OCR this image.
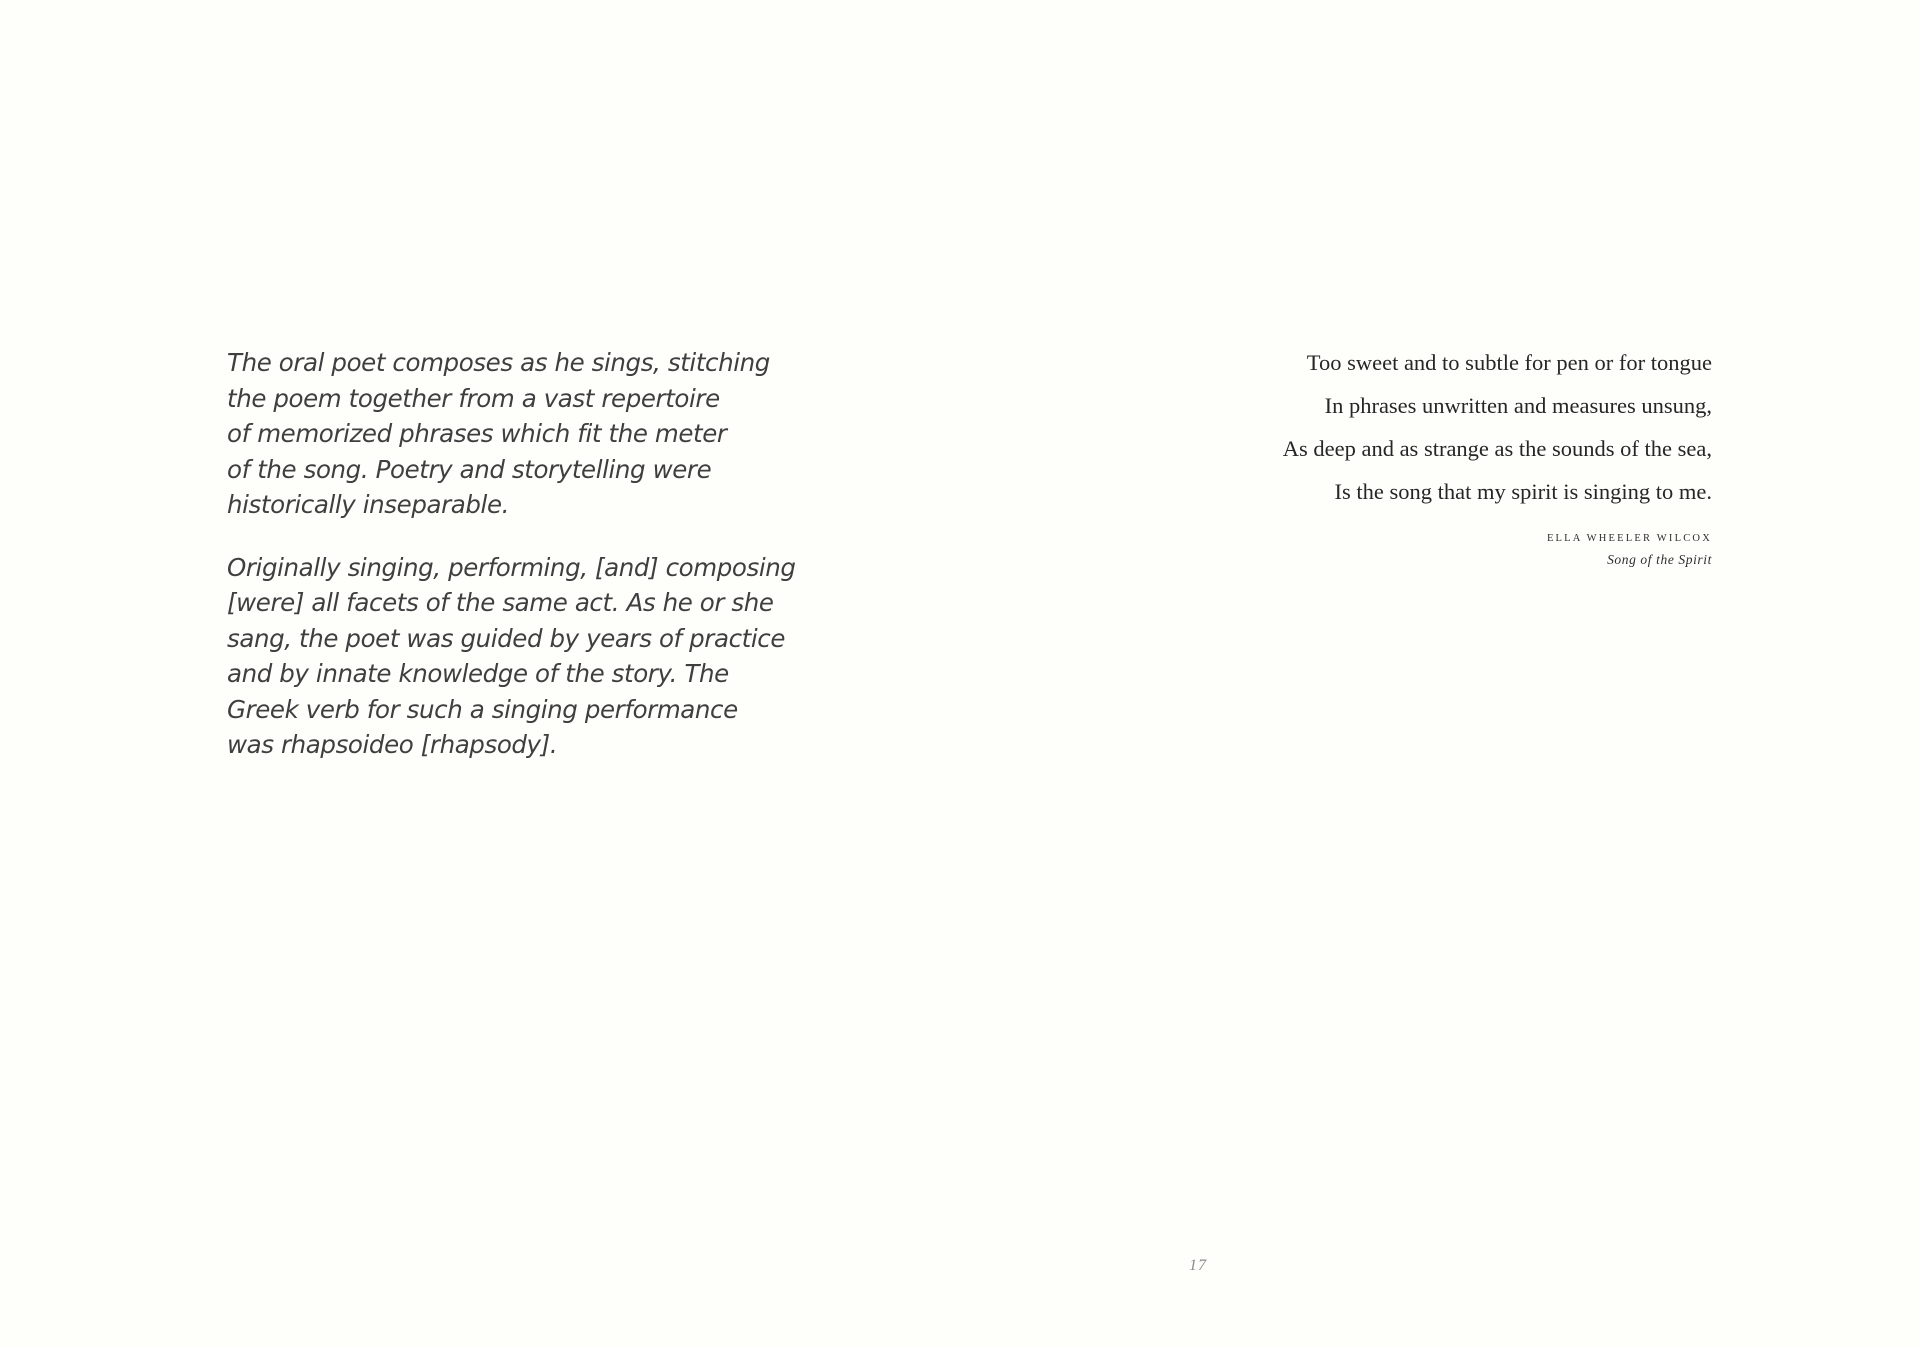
The oral poet composes as he sings, stitching
the poem together from a vast repertoire
of memorized phrases which fit the meter
of the song. Poetry and storytelling were
historically inseparable.

Originally singing, performing, [and] composing
[were] all facets of the same act. As he or she
sang, the poet was guided by years of practice
and by innate knowledge of the story. The
Greek verb for such a singing performance
was rhapsoideo [rhapsody].

Too sweet and to subtle for pen or for tongue
In phrases unwritten and measures unsung,
As deep and as strange as the sounds of the sea,
Is the song that my spirit is singing to me.
ELLA WHEELER WILCOX
Song of the Spirit
17
